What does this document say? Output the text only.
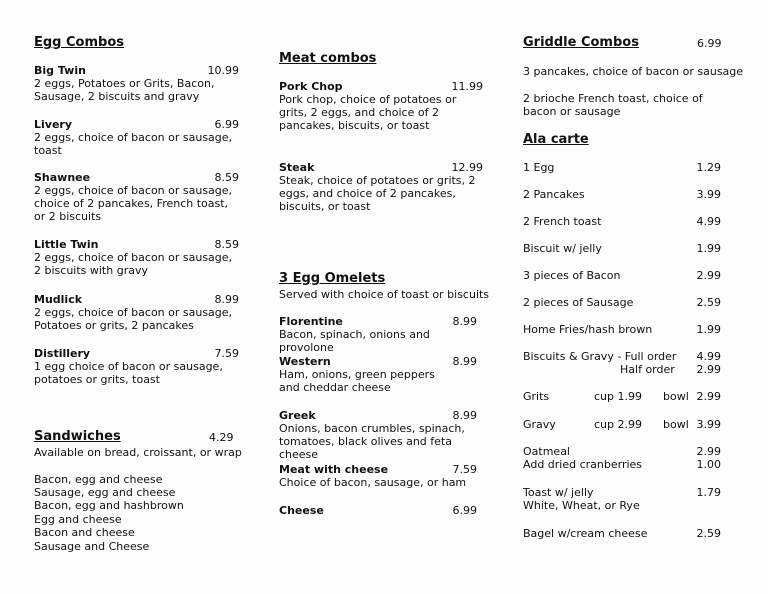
Egg Combos
Big Twin	10.99
2 eggs, Potatoes or Grits, Bacon, Sausage, 2 biscuits and gravy
Livery	6.99
2 eggs, choice of bacon or sausage, toast
Shawnee	8.59
2 eggs, choice of bacon or sausage, choice of 2 pancakes, French toast, or 2 biscuits
Little Twin	8.59
2 eggs, choice of bacon or sausage, 2 biscuits with gravy
Mudlick	8.99
2 eggs, choice of bacon or sausage, Potatoes or grits, 2 pancakes
Distillery	7.59
1 egg choice of bacon or sausage, potatoes or grits, toast
Sandwiches	4.29
Available on bread, croissant, or wrap
Bacon, egg and cheese
Sausage, egg and cheese
Bacon, egg and hashbrown
Egg and cheese
Bacon and cheese
Sausage and Cheese
Meat combos
Pork Chop	11.99
Pork chop, choice of potatoes or grits, 2 eggs, and choice of 2 pancakes, biscuits, or toast
Steak	12.99
Steak, choice of potatoes or grits, 2 eggs, and choice of 2 pancakes, biscuits, or toast
3 Egg Omelets
Served with choice of toast or biscuits
Florentine	8.99
Bacon, spinach, onions and provolone
Western	8.99
Ham, onions, green peppers and cheddar cheese
Greek	8.99
Onions, bacon crumbles, spinach, tomatoes, black olives and feta cheese
Meat with cheese	7.59
Choice of bacon, sausage, or ham
Cheese	6.99
Griddle Combos	6.99
3 pancakes, choice of bacon or sausage
2 brioche French toast, choice of bacon or sausage
Ala carte
1 Egg	1.29
2 Pancakes	3.99
2 French toast	4.99
Biscuit w/ jelly	1.99
3 pieces of Bacon	2.99
2 pieces of Sausage	2.59
Home Fries/hash brown	1.99
Biscuits & Gravy - Full order 4.99
Half order 2.99
Grits	cup 1.99 bowl 2.99
Gravy	cup 2.99 bowl 3.99
Oatmeal	2.99
Add dried cranberries	1.00
Toast w/ jelly	1.79
White, Wheat, or Rye
Bagel w/cream cheese	2.59
